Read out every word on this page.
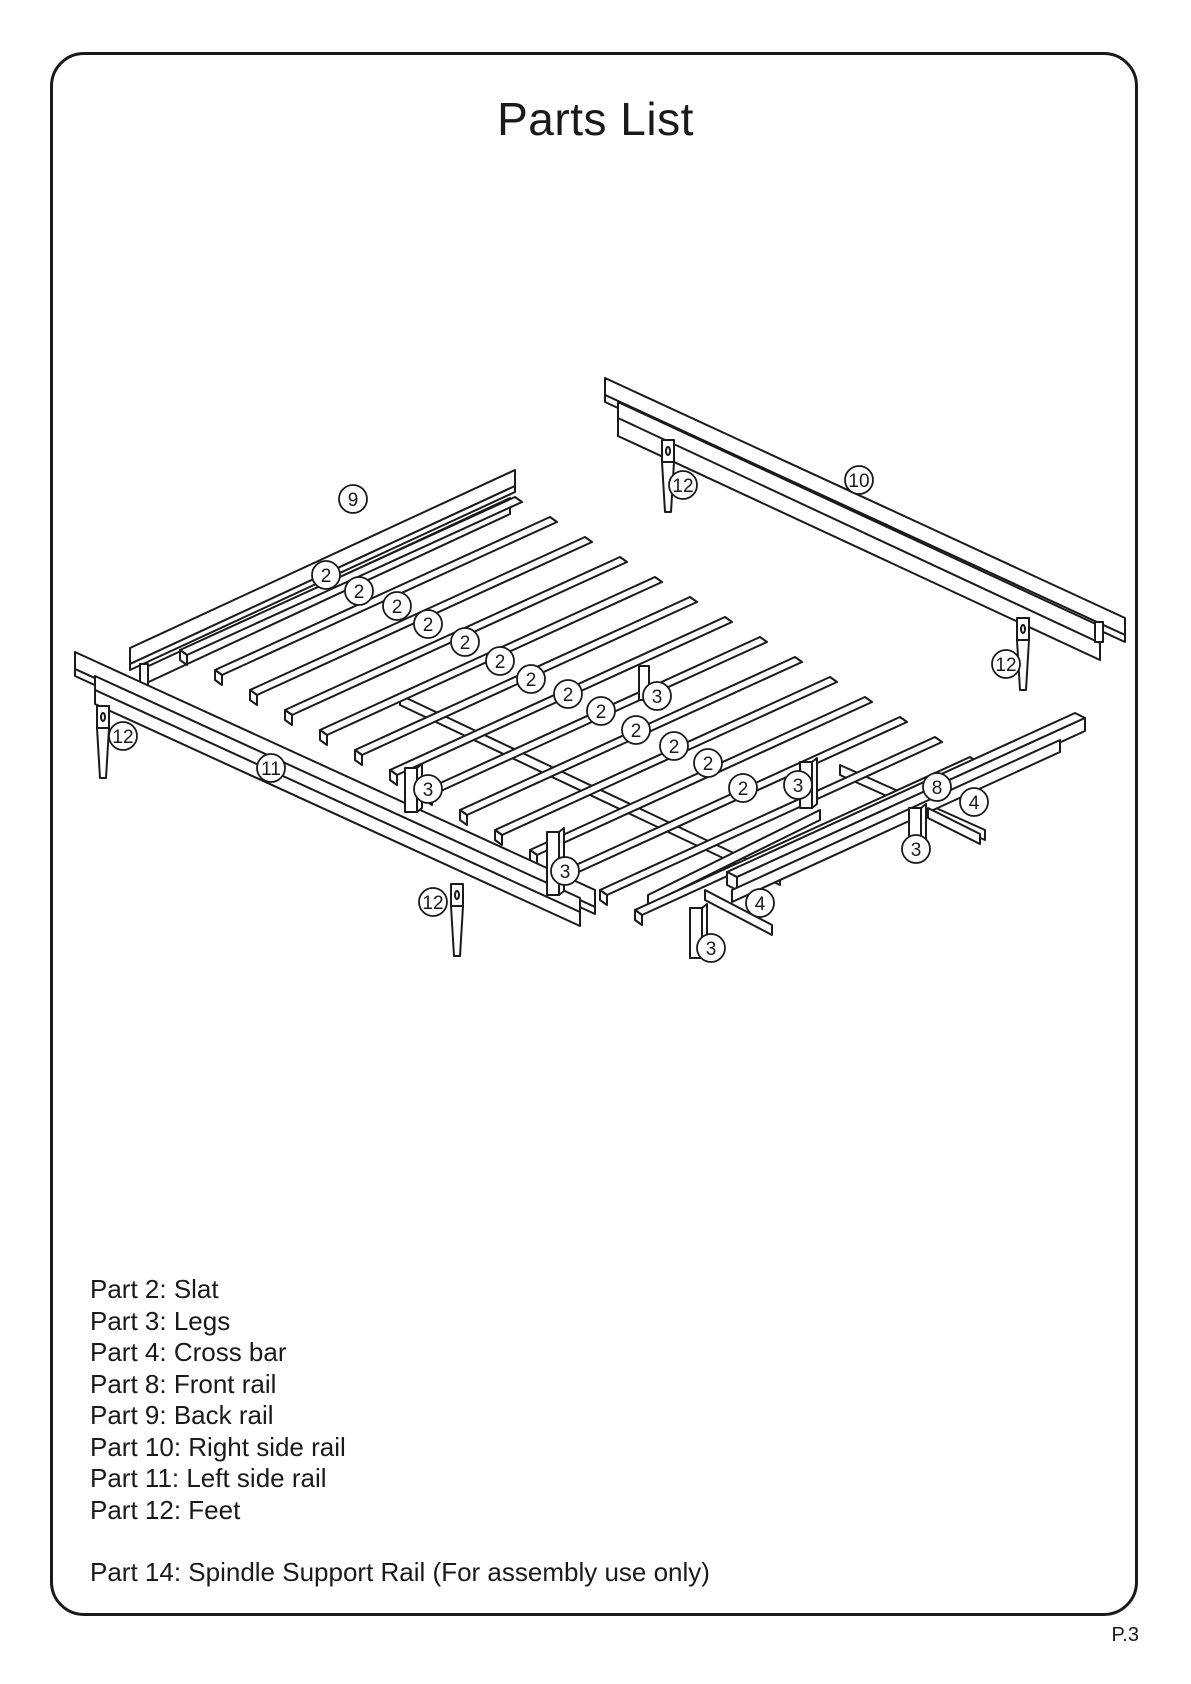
Parts List
9
10
11
8
12
12
12
12
2
2
2
2
2
2
2
2
2
2
2
2
2
3
3
3
3
3
3
4
4
Part 2: Slat
Part 3: Legs
Part 4: Cross bar
Part 8: Front rail
Part 9: Back rail
Part 10: Right side rail
Part 11: Left side rail
Part 12: Feet
Part 14: Spindle Support Rail (For assembly use only)
P.3
